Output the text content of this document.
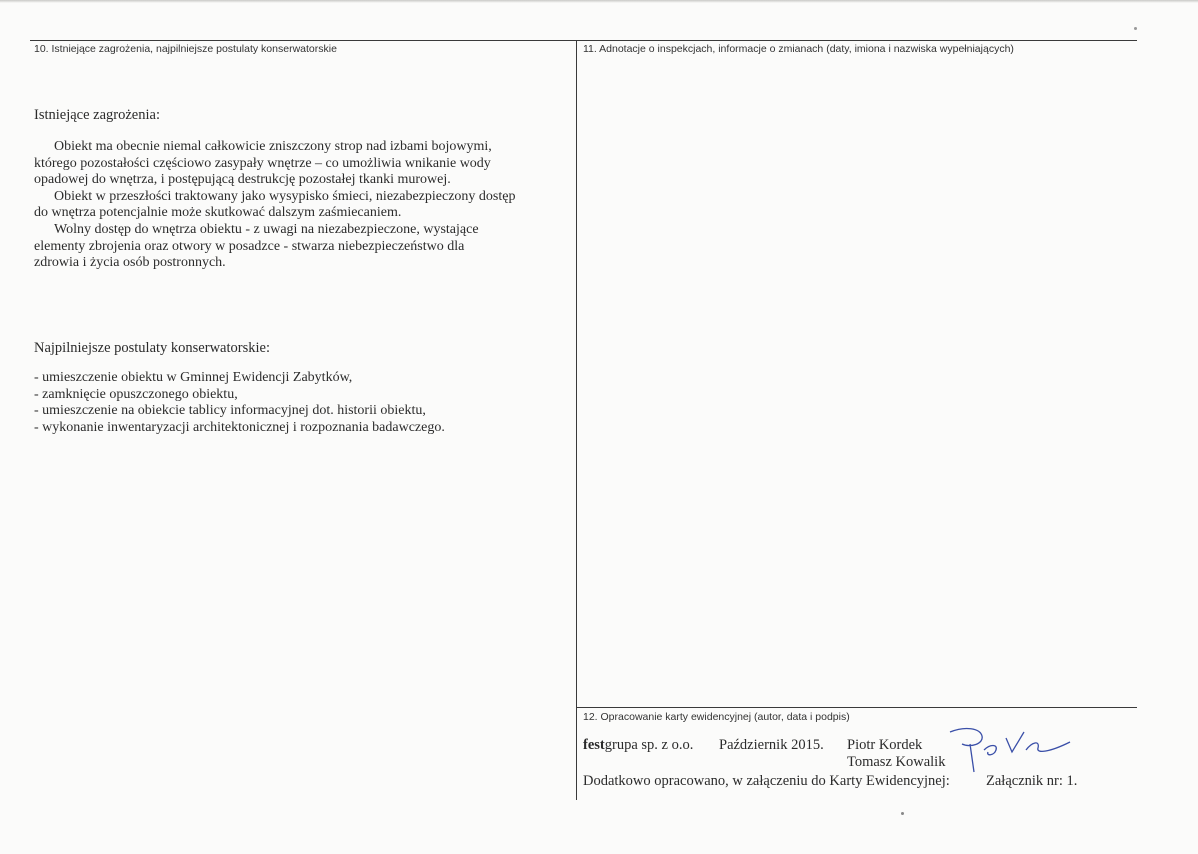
10. Istniejące zagrożenia, najpilniejsze postulaty konserwatorskie
Istniejące zagrożenia:
Obiekt ma obecnie niemal całkowicie zniszczony strop nad izbami bojowymi,
którego pozostałości częściowo zasypały wnętrze – co umożliwia wnikanie wody
opadowej do wnętrza, i postępującą destrukcję pozostałej tkanki murowej.
Obiekt w przeszłości traktowany jako wysypisko śmieci, niezabezpieczony dostęp
do wnętrza potencjalnie może skutkować dalszym zaśmiecaniem.
Wolny dostęp do wnętrza obiektu - z uwagi na niezabezpieczone, wystające
elementy zbrojenia oraz otwory w posadzce - stwarza niebezpieczeństwo dla
zdrowia i życia osób postronnych.
Najpilniejsze postulaty konserwatorskie:
- umieszczenie obiektu w Gminnej Ewidencji Zabytków,
- zamknięcie opuszczonego obiektu,
- umieszczenie na obiekcie tablicy informacyjnej dot. historii obiektu,
- wykonanie inwentaryzacji architektonicznej i rozpoznania badawczego.
11. Adnotacje o inspekcjach, informacje o zmianach (daty, imiona i nazwiska wypełniających)
12. Opracowanie karty ewidencyjnej (autor, data i podpis)
festgrupa sp. z o.o. Październik 2015. Piotr Kordek
Tomasz Kowalik
Dodatkowo opracowano, w załączeniu do Karty Ewidencyjnej: Załącznik nr: 1.
